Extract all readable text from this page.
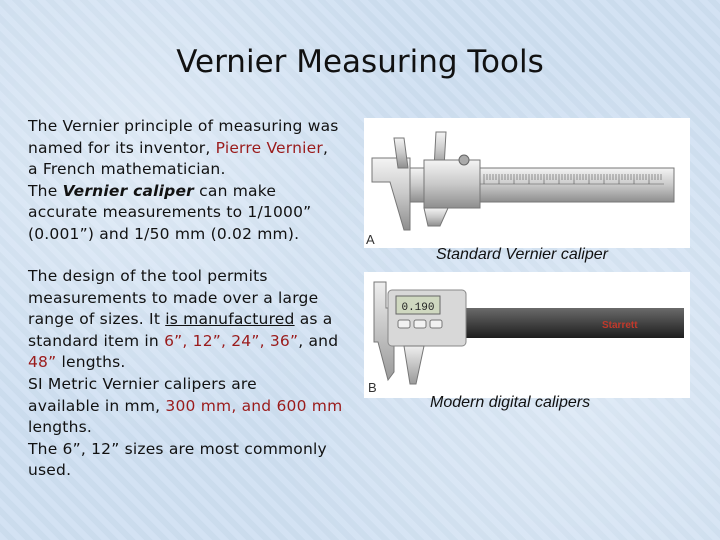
Vernier Measuring Tools
The Vernier principle of measuring was
named for its inventor, Pierre Vernier,
a French mathematician.
The Vernier caliper can make
accurate measurements to 1/1000”
(0.001”) and 1/50 mm (0.02 mm).
The design of the tool permits
measurements to made over a large
range of sizes. It is manufactured as a
standard item in 6”, 12”, 24”, 36”, and
48” lengths.
SI Metric Vernier calipers are
available in mm, 300 mm, and 600 mm
lengths.
The 6”, 12” sizes are most commonly
used.
A
Standard Vernier caliper
0.190
Starrett
B
Modern digital calipers
